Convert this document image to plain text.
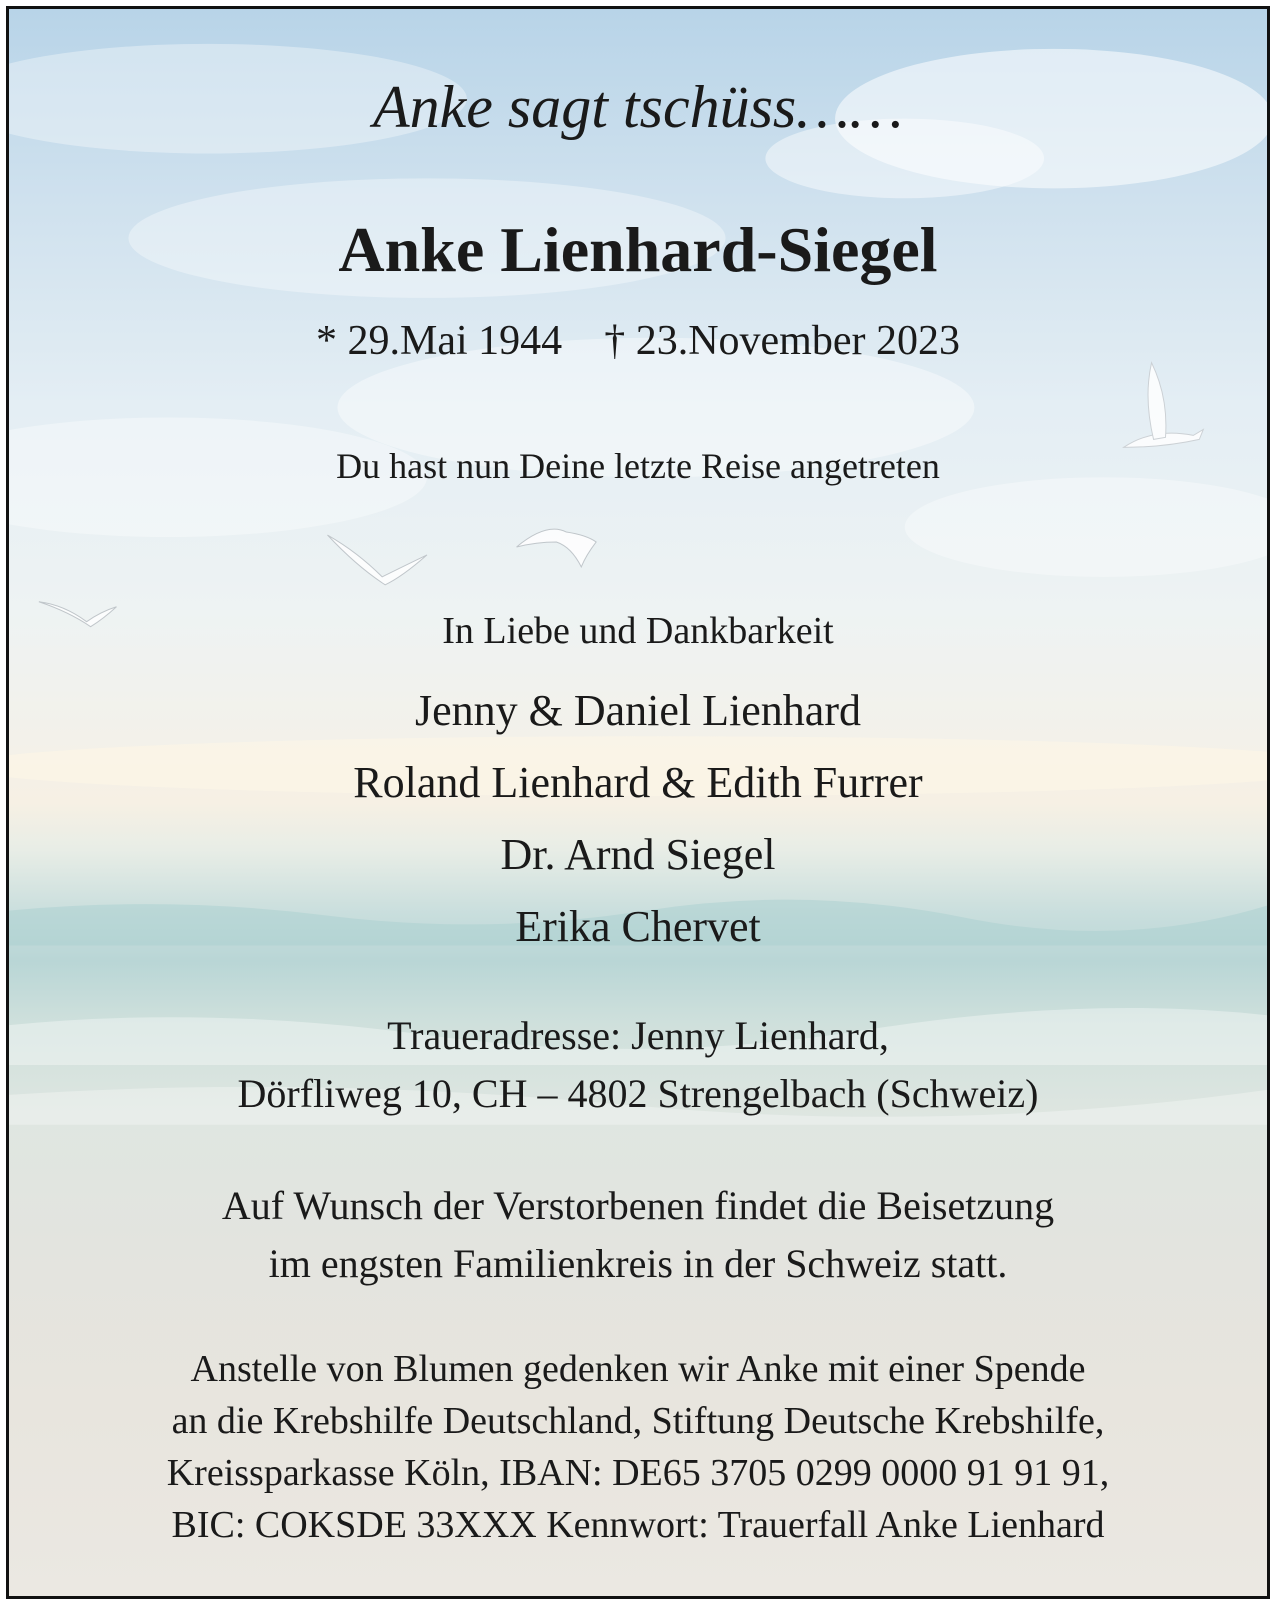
Anke sagt tschüss……
Anke Lienhard-Siegel
* 29.Mai 1944 † 23.November 2023
Du hast nun Deine letzte Reise angetreten
In Liebe und Dankbarkeit
Jenny & Daniel Lienhard
Roland Lienhard & Edith Furrer
Dr. Arnd Siegel
Erika Chervet
Traueradresse: Jenny Lienhard,
Dörfliweg 10, CH – 4802 Strengelbach (Schweiz)
Auf Wunsch der Verstorbenen findet die Beisetzung
im engsten Familienkreis in der Schweiz statt.
Anstelle von Blumen gedenken wir Anke mit einer Spende
an die Krebshilfe Deutschland, Stiftung Deutsche Krebshilfe,
Kreissparkasse Köln, IBAN: DE65 3705 0299 0000 91 91 91,
BIC: COKSDE 33XXX Kennwort: Trauerfall Anke Lienhard
